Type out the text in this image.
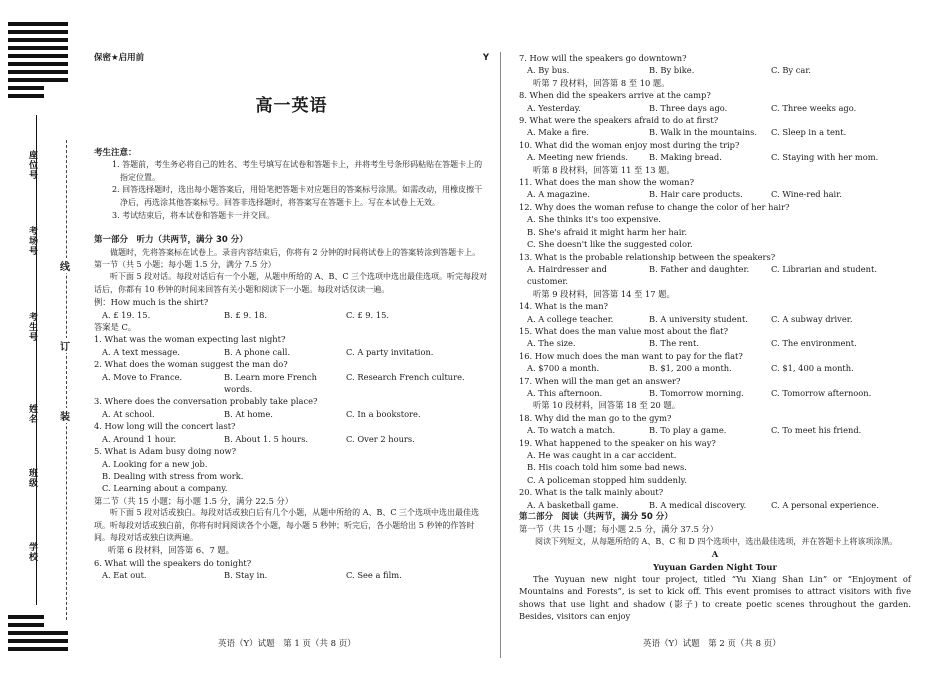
座位号
考场号
考生号
姓名
班级
学校
线
订
装
保密★启用前	Y
高一英语
考生注意：
1. 答题前，考生务必将自己的姓名、考生号填写在试卷和答题卡上，并将考生号条形码粘贴在答题卡上的指定位置。
2. 回答选择题时，选出每小题答案后，用铅笔把答题卡对应题目的答案标号涂黑。如需改动，用橡皮擦干净后，再选涂其他答案标号。回答非选择题时，将答案写在答题卡上。写在本试卷上无效。
3. 考试结束后，将本试卷和答题卡一并交回。
第一部分　听力（共两节，满分 30 分）
做题时，先将答案标在试卷上。录音内容结束后，你将有 2 分钟的时间将试卷上的答案转涂到答题卡上。
第一节（共 5 小题；每小题 1.5 分，满分 7.5 分）
听下面 5 段对话。每段对话后有一个小题，从题中所给的 A、B、C 三个选项中选出最佳选项。听完每段对话后，你都有 10 秒钟的时间来回答有关小题和阅读下一小题。每段对话仅读一遍。
例：How much is the shirt?
A. £ 19. 15.	B. £ 9. 18.	C. £ 9. 15.
答案是 C。
1. What was the woman expecting last night?
A. A text message.	B. A phone call.	C. A party invitation.
2. What does the woman suggest the man do?
A. Move to France.	B. Learn more French words.
C. Research French culture.
3. Where does the conversation probably take place?
A. At school.	B. At home.	C. In a bookstore.
4. How long will the concert last?
A. Around 1 hour.	B. About 1. 5 hours.	C. Over 2 hours.
5. What is Adam busy doing now?
A. Looking for a new job.
B. Dealing with stress from work.
C. Learning about a company.
第二节（共 15 小题；每小题 1.5 分，满分 22.5 分）
听下面 5 段对话或独白。每段对话或独白后有几个小题，从题中所给的 A、B、C 三个选项中选出最佳选项。听每段对话或独白前，你将有时间阅读各个小题，每小题 5 秒钟；听完后，各小题给出 5 秒钟的作答时间。每段对话或独白读两遍。
听第 6 段材料，回答第 6、7 题。
6. What will the speakers do tonight?
A. Eat out.	B. Stay in.	C. See a film.
7. How will the speakers go downtown?
A. By bus.	B. By bike.	C. By car.
听第 7 段材料，回答第 8 至 10 题。
8. When did the speakers arrive at the camp?
A. Yesterday.	B. Three days ago.	C. Three weeks ago.
9. What were the speakers afraid to do at first?
A. Make a fire.	B. Walk in the mountains.	C. Sleep in a tent.
10. What did the woman enjoy most during the trip?
A. Meeting new friends.	B. Making bread.	C. Staying with her mom.
听第 8 段材料，回答第 11 至 13 题。
11. What does the man show the woman?
A. A magazine.	B. Hair care products.	C. Wine-red hair.
12. Why does the woman refuse to change the color of her hair?
A. She thinks it's too expensive.
B. She's afraid it might harm her hair.
C. She doesn't like the suggested color.
13. What is the probable relationship between the speakers?
A. Hairdresser and customer.
B. Father and daughter.	C. Librarian and student.
听第 9 段材料，回答第 14 至 17 题。
14. What is the man?
A. A college teacher.	B. A university student.	C. A subway driver.
15. What does the man value most about the flat?
A. The size.	B. The rent.	C. The environment.
16. How much does the man want to pay for the flat?
A. $700 a month.	B. $1, 200 a month.	C. $1, 400 a month.
17. When will the man get an answer?
A. This afternoon.	B. Tomorrow morning.	C. Tomorrow afternoon.
听第 10 段材料，回答第 18 至 20 题。
18. Why did the man go to the gym?
A. To watch a match.	B. To play a game.	C. To meet his friend.
19. What happened to the speaker on his way?
A. He was caught in a car accident.
B. His coach told him some bad news.
C. A policeman stopped him suddenly.
20. What is the talk mainly about?
A. A basketball game.	B. A medical discovery.	C. A personal experience.
第二部分　阅读（共两节，满分 50 分）
第一节（共 15 小题；每小题 2.5 分，满分 37.5 分）
阅读下列短文，从每题所给的 A、B、C 和 D 四个选项中，选出最佳选项，并在答题卡上将该项涂黑。
A
Yuyuan Garden Night Tour
The Yuyuan new night tour project, titled “Yu Xiang Shan Lin” or “Enjoyment of Mountains and Forests”, is set to kick off. This event promises to attract visitors with five shows that use light and shadow (影子) to create poetic scenes throughout the garden. Besides, visitors can enjoy
英语（Y）试题　第 1 页（共 8 页）	英语（Y）试题　第 2 页（共 8 页）
